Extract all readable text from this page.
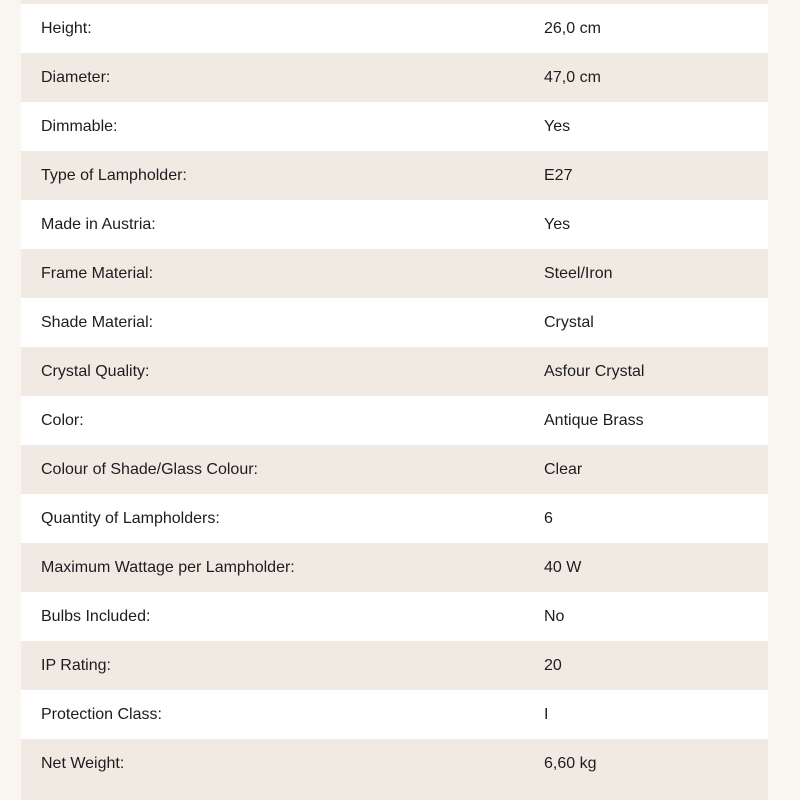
Height:	26,0 cm
Diameter:	47,0 cm
Dimmable:	Yes
Type of Lampholder:	E27
Made in Austria:	Yes
Frame Material:	Steel/Iron
Shade Material:	Crystal
Crystal Quality:	Asfour Crystal
Color:	Antique Brass
Colour of Shade/Glass Colour:	Clear
Quantity of Lampholders:	6
Maximum Wattage per Lampholder:	40 W
Bulbs Included:	No
IP Rating:	20
Protection Class:	I
Net Weight:	6,60 kg
